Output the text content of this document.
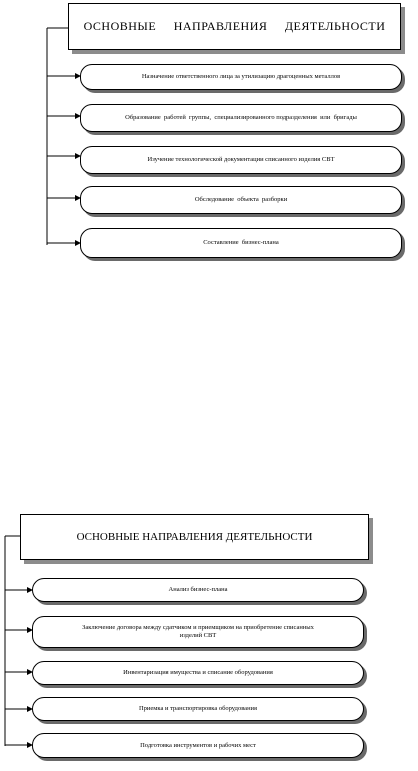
ОСНОВНЫЕ     НАПРАВЛЕНИЯ     ДЕЯТЕЛЬНОСТИ
Назначение ответственного лица за утилизацию драгоценных металлов
Образование  работей  группы,  специализированного подразделения  или  бригады
Изучение технологической документации списанного изделия СВТ
Обследование  объекта  разборки
Составление  бизнес-плана
ОСНОВНЫЕ НАПРАВЛЕНИЯ ДЕЯТЕЛЬНОСТИ
Анализ бизнес-плана
Заключение договора между сдатчиком и приемщиком на приобретение списанных изделий СВТ
Инвентаризация имущества и списание оборудования
Приемка и транспортировка оборудования
Подготовка инструментов и рабочих мест
